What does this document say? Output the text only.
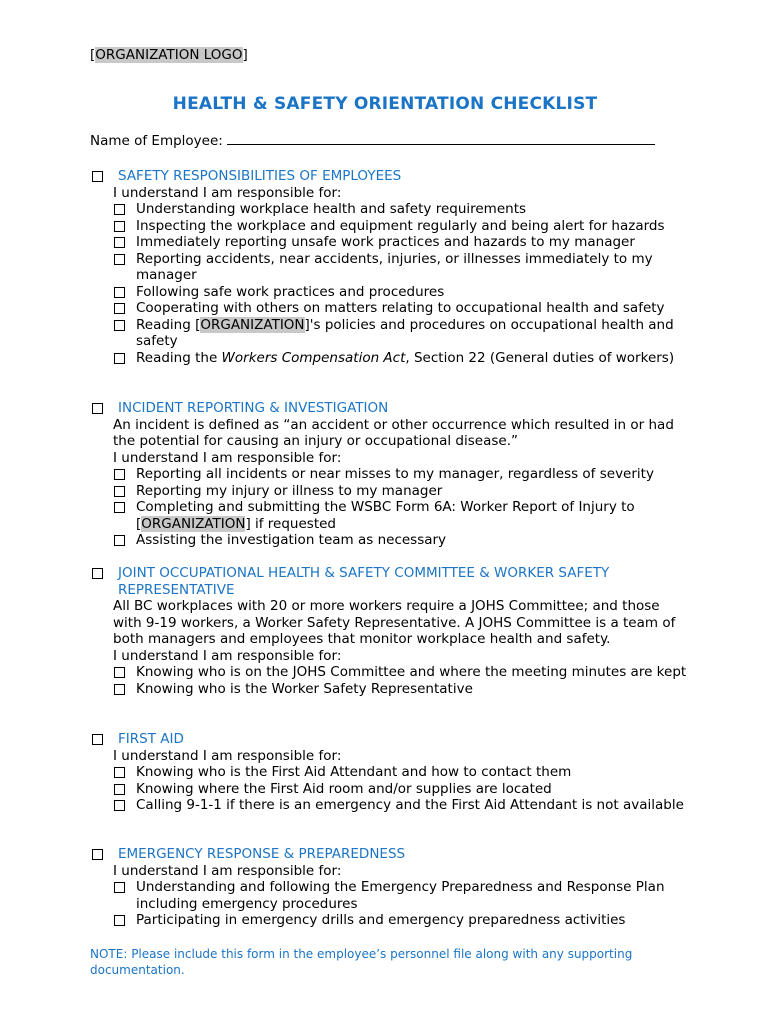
[ORGANIZATION LOGO]
HEALTH & SAFETY ORIENTATION CHECKLIST
Name of Employee:
SAFETY RESPONSIBILITIES OF EMPLOYEES

I understand I am responsible for:

Understanding workplace health and safety requirements
Inspecting the workplace and equipment regularly and being alert for hazards
Immediately reporting unsafe work practices and hazards to my manager
Reporting accidents, near accidents, injuries, or illnesses immediately to my manager
Following safe work practices and procedures
Cooperating with others on matters relating to occupational health and safety
Reading [ORGANIZATION]'s policies and procedures on occupational health and safety
Reading the Workers Compensation Act, Section 22 (General duties of workers)
INCIDENT REPORTING & INVESTIGATION

An incident is defined as “an accident or other occurrence which resulted in or had the potential for causing an injury or occupational disease.”

I understand I am responsible for:

Reporting all incidents or near misses to my manager, regardless of severity
Reporting my injury or illness to my manager
Completing and submitting the WSBC Form 6A: Worker Report of Injury to [ORGANIZATION] if requested
Assisting the investigation team as necessary
JOINT OCCUPATIONAL HEALTH & SAFETY COMMITTEE & WORKER SAFETY REPRESENTATIVE

All BC workplaces with 20 or more workers require a JOHS Committee; and those with 9-19 workers, a Worker Safety Representative. A JOHS Committee is a team of both managers and employees that monitor workplace health and safety.

I understand I am responsible for:

Knowing who is on the JOHS Committee and where the meeting minutes are kept
Knowing who is the Worker Safety Representative
FIRST AID

I understand I am responsible for:

Knowing who is the First Aid Attendant and how to contact them
Knowing where the First Aid room and/or supplies are located
Calling 9-1-1 if there is an emergency and the First Aid Attendant is not available
EMERGENCY RESPONSE & PREPAREDNESS

I understand I am responsible for:

Understanding and following the Emergency Preparedness and Response Plan including emergency procedures
Participating in emergency drills and emergency preparedness activities
NOTE: Please include this form in the employee’s personnel file along with any supporting documentation.
